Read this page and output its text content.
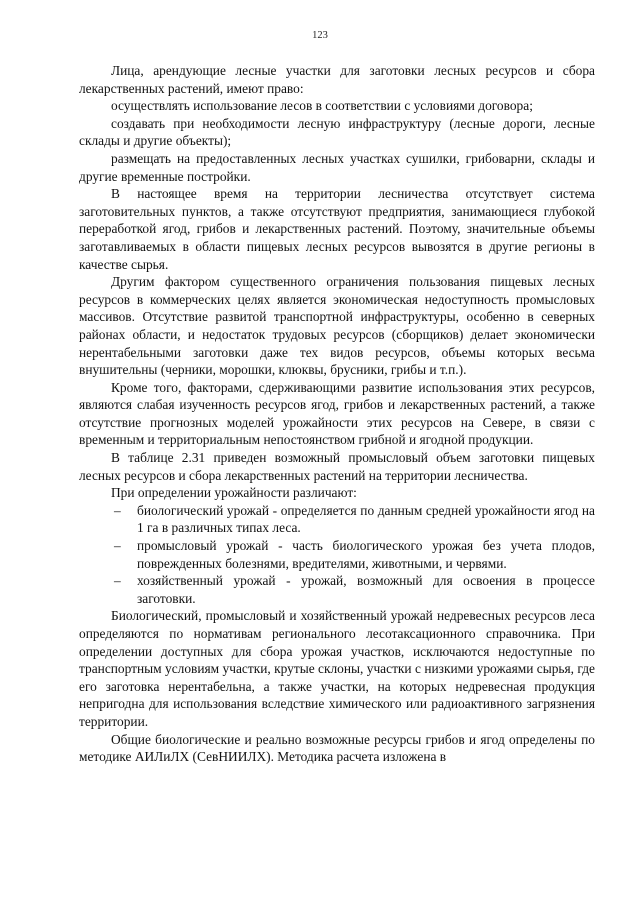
123

Лица, арендующие лесные участки для заготовки лесных ресурсов и сбора лекарственных растений, имеют право:

осуществлять использование лесов в соответствии с условиями договора;

создавать при необходимости лесную инфраструктуру (лесные дороги, лесные склады и другие объекты);

размещать на предоставленных лесных участках сушилки, грибоварни, склады и другие временные постройки.

В настоящее время на территории лесничества отсутствует система заготовительных пунктов, а также отсутствуют предприятия, занимающиеся глубокой переработкой ягод, грибов и лекарственных растений. Поэтому, значительные объемы заготавливаемых в области пищевых лесных ресурсов вывозятся в другие регионы в качестве сырья.

Другим фактором существенного ограничения пользования пищевых лесных ресурсов в коммерческих целях является экономическая недоступность промысловых массивов. Отсутствие развитой транспортной инфраструктуры, особенно в северных районах области, и недостаток трудовых ресурсов (сборщиков) делает экономически нерентабельными заготовки даже тех видов ресурсов, объемы которых весьма внушительны (черники, морошки, клюквы, брусники, грибы и т.п.).

Кроме того, факторами, сдерживающими развитие использования этих ресурсов, являются слабая изученность ресурсов ягод, грибов и лекарственных растений, а также отсутствие прогнозных моделей урожайности этих ресурсов на Севере, в связи с временным и территориальным непостоянством грибной и ягодной продукции.

В таблице 2.31 приведен возможный промысловый объем заготовки пищевых лесных ресурсов и сбора лекарственных растений на территории лесничества.

При определении урожайности различают:

– биологический урожай - определяется по данным средней урожайности ягод на 1 га в различных типах леса.
– промысловый урожай - часть биологического урожая без учета плодов, поврежденных болезнями, вредителями, животными, и червями.
– хозяйственный урожай - урожай, возможный для освоения в процессе заготовки.

Биологический, промысловый и хозяйственный урожай недревесных ресурсов леса определяются по нормативам регионального лесотаксационного справочника. При определении доступных для сбора урожая участков, исключаются недоступные по транспортным условиям участки, крутые склоны, участки с низкими урожаями сырья, где его заготовка нерентабельна, а также участки, на которых недревесная продукция непригодна для использования вследствие химического или радиоактивного загрязнения территории.

Общие биологические и реально возможные ресурсы грибов и ягод определены по методике АИЛиЛХ (СевНИИЛХ). Методика расчета изложена в
